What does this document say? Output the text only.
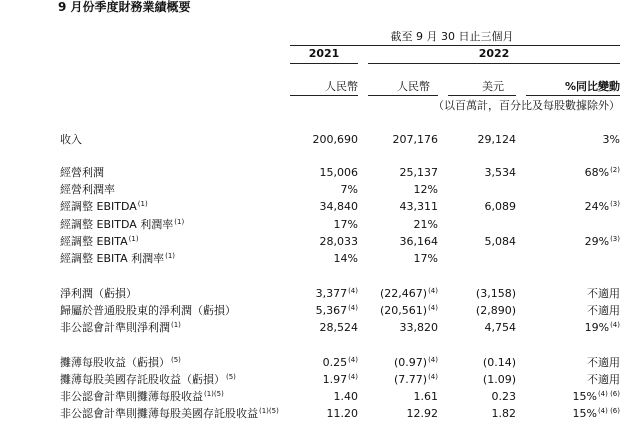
9 月份季度財務業績概要
截至 9 月 30 日止三個月
2021	2022
人民幣	人民幣	美元	%同比變動
（以百萬計，百分比及每股數據除外）
收入	200,690	207,176	29,124	3%
經營利潤	15,006	25,137	3,534	68%$^{(2)}$
經營利潤率	7%	12%
經調整 EBITDA$^{(1)}$	34,840	43,311	6,089	24%$^{(3)}$
經調整 EBITDA 利潤率$^{(1)}$	17%	21%
經調整 EBITA$^{(1)}$	28,033	36,164	5,084	29%$^{(3)}$
經調整 EBITA 利潤率$^{(1)}$	14%	17%
淨利潤（虧損）	3,377$^{(4)}$	$(22,467)^{(4)}$	(3,158)	不適用
歸屬於普通股股東的淨利潤（虧損）	5,367$^{(4)}$	$(20,561)^{(4)}$	(2,890)	不適用
非公認會計準則淨利潤$^{(1)}$	28,524	33,820	4,754	19%$^{(4)}$
攤薄每股收益（虧損）$^{(5)}$	0.25$^{(4)}$	$(0.97)^{(4)}$	(0.14)	不適用
攤薄每股美國存託股收益（虧損）$^{(5)}$	1.97$^{(4)}$	$(7.77)^{(4)}$	(1.09)	不適用
非公認會計準則攤薄每股收益$^{(1)(5)}$	1.40	1.61	0.23	15%$^{(4) (6)}$
非公認會計準則攤薄每股美國存託股收益$^{(1)(5)}$	11.20	12.92	1.82	15%$^{(4) (6)}$
